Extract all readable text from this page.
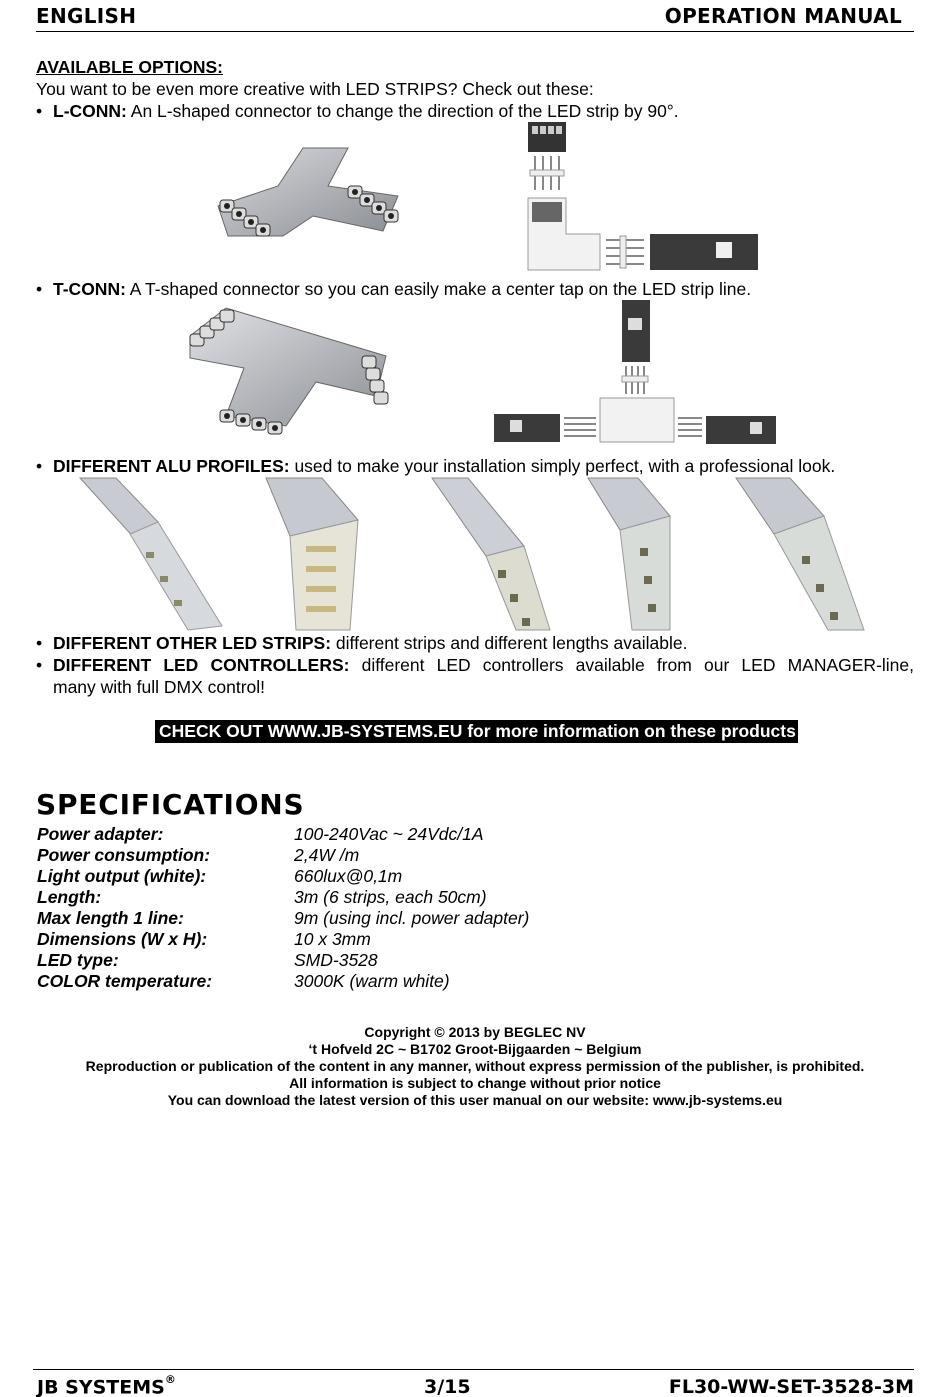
ENGLISH	OPERATION MANUAL
AVAILABLE OPTIONS:
You want to be even more creative with LED STRIPS? Check out these:
• L-CONN: An L-shaped connector to change the direction of the LED strip by 90°.
• T-CONN: A T-shaped connector so you can easily make a center tap on the LED strip line.
• DIFFERENT ALU PROFILES: used to make your installation simply perfect, with a professional look.
• DIFFERENT OTHER LED STRIPS: different strips and different lengths available.
• DIFFERENT LED CONTROLLERS: different LED controllers available from our LED MANAGER-line,
many with full DMX control!
CHECK OUT WWW.JB-SYSTEMS.EU for more information on these products
SPECIFICATIONS
Power adapter:	100-240Vac ~ 24Vdc/1A
Power consumption:	2,4W /m
Light output (white):	660lux@0,1m
Length:	3m (6 strips, each 50cm)
Max length 1 line:	9m (using incl. power adapter)
Dimensions (W x H):	10 x 3mm
LED type:	SMD-3528
COLOR temperature:	3000K (warm white)
Copyright © 2013 by BEGLEC NV
‘t Hofveld 2C ~ B1702 Groot-Bijgaarden ~ Belgium
Reproduction or publication of the content in any manner, without express permission of the publisher, is prohibited.
All information is subject to change without prior notice
You can download the latest version of this user manual on our website: www.jb-systems.eu
JB SYSTEMS®	3/15	FL30-WW-SET-3528-3M
